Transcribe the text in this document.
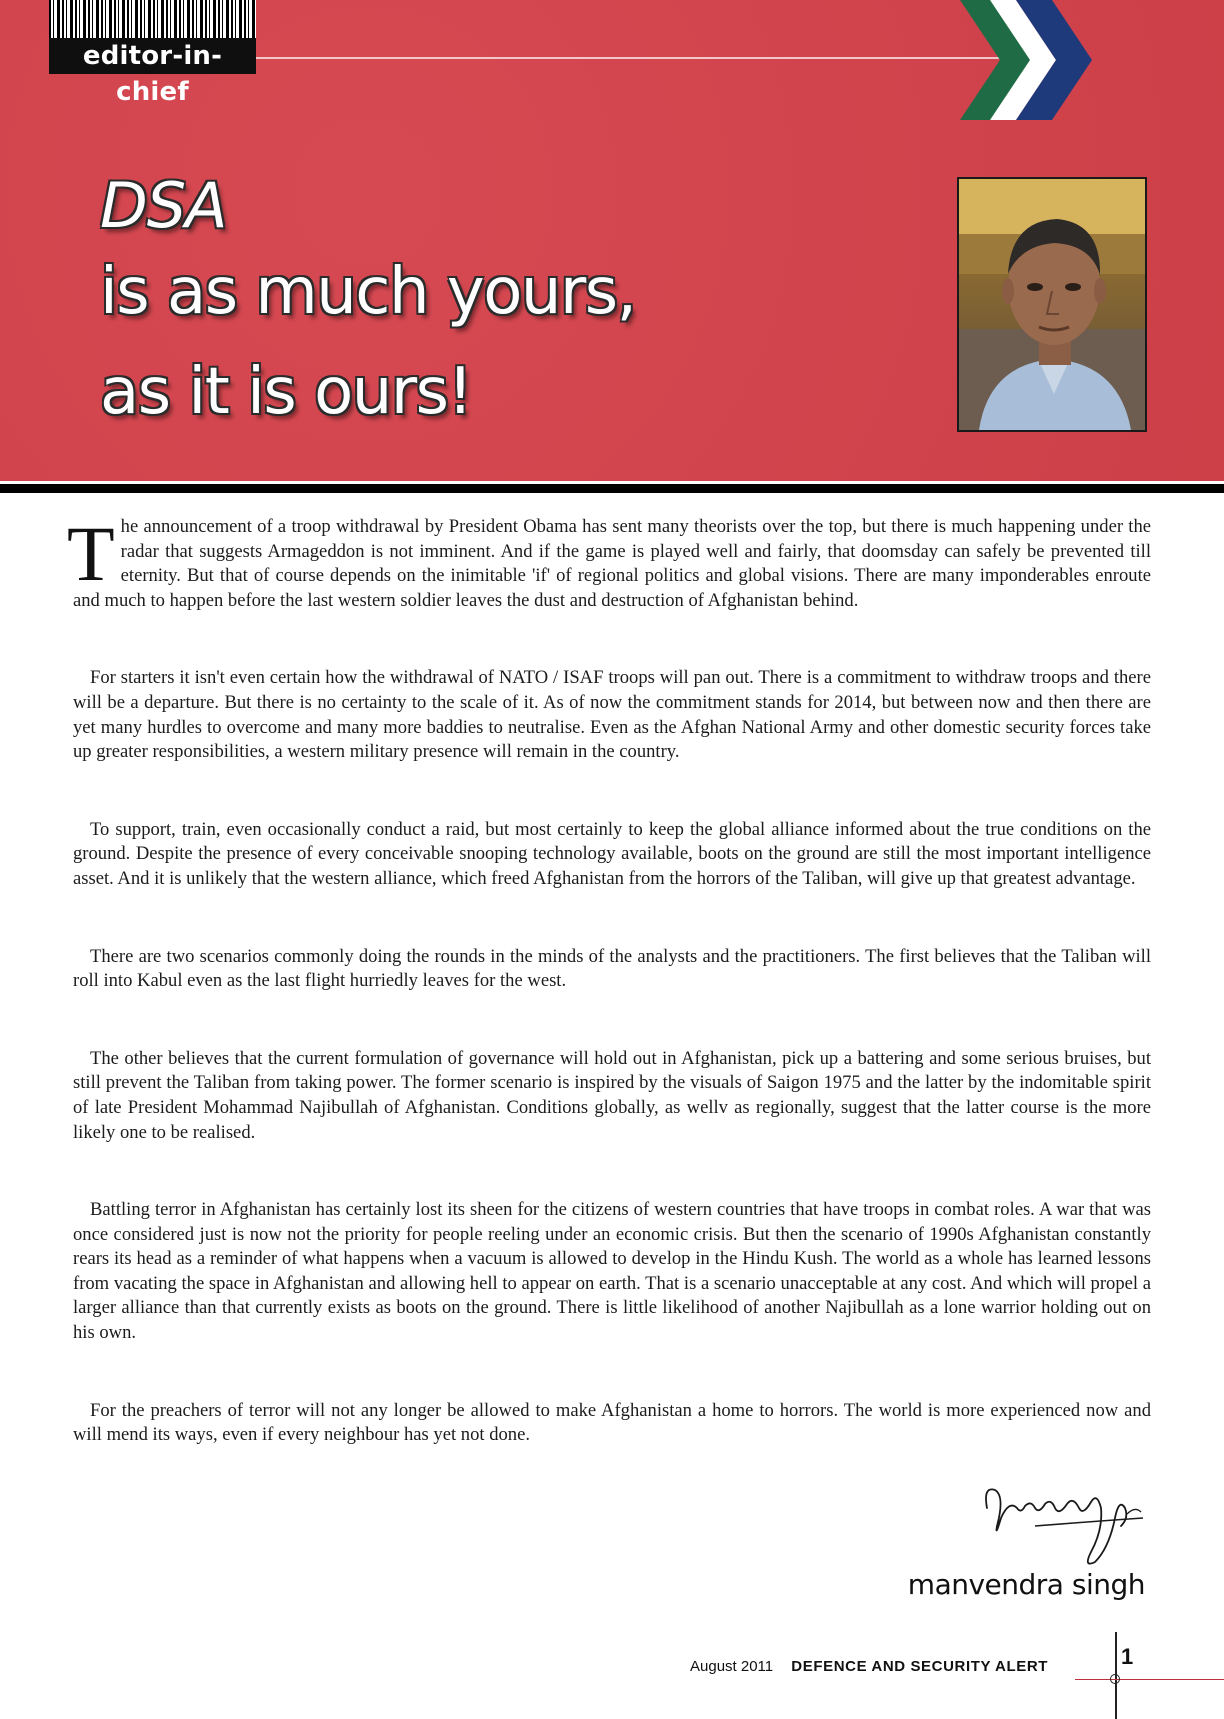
editor-in-chief
DSA
is as much yours,
as it is ours!

The announcement of a troop withdrawal by President Obama has sent many theorists over the top, but there is much happening under the radar that suggests Armageddon is not imminent. And if the game is played well and fairly, that doomsday can safely be prevented till eternity. But that of course depends on the inimitable 'if' of regional politics and global visions. There are many imponderables enroute and much to happen before the last western soldier leaves the dust and destruction of Afghanistan behind.

For starters it isn't even certain how the withdrawal of NATO / ISAF troops will pan out. There is a commitment to withdraw troops and there will be a departure. But there is no certainty to the scale of it. As of now the commitment stands for 2014, but between now and then there are yet many hurdles to overcome and many more baddies to neutralise. Even as the Afghan National Army and other domestic security forces take up greater responsibilities, a western military presence will remain in the country.

To support, train, even occasionally conduct a raid, but most certainly to keep the global alliance informed about the true conditions on the ground. Despite the presence of every conceivable snooping technology available, boots on the ground are still the most important intelligence asset. And it is unlikely that the western alliance, which freed Afghanistan from the horrors of the Taliban, will give up that greatest advantage.

There are two scenarios commonly doing the rounds in the minds of the analysts and the practitioners. The first believes that the Taliban will roll into Kabul even as the last flight hurriedly leaves for the west.

The other believes that the current formulation of governance will hold out in Afghanistan, pick up a battering and some serious bruises, but still prevent the Taliban from taking power. The former scenario is inspired by the visuals of Saigon 1975 and the latter by the indomitable spirit of late President Mohammad Najibullah of Afghanistan. Conditions globally, as wellv as regionally, suggest that the latter course is the more likely one to be realised.

Battling terror in Afghanistan has certainly lost its sheen for the citizens of western countries that have troops in combat roles. A war that was once considered just is now not the priority for people reeling under an economic crisis. But then the scenario of 1990s Afghanistan constantly rears its head as a reminder of what happens when a vacuum is allowed to develop in the Hindu Kush. The world as a whole has learned lessons from vacating the space in Afghanistan and allowing hell to appear on earth. That is a scenario unacceptable at any cost. And which will propel a larger alliance than that currently exists as boots on the ground. There is little likelihood of another Najibullah as a lone warrior holding out on his own.

For the preachers of terror will not any longer be allowed to make Afghanistan a home to horrors. The world is more experienced now and will mend its ways, even if every neighbour has yet not done.

manvendra singh
August 2011 DEFENCE AND SECURITY ALERT	1
